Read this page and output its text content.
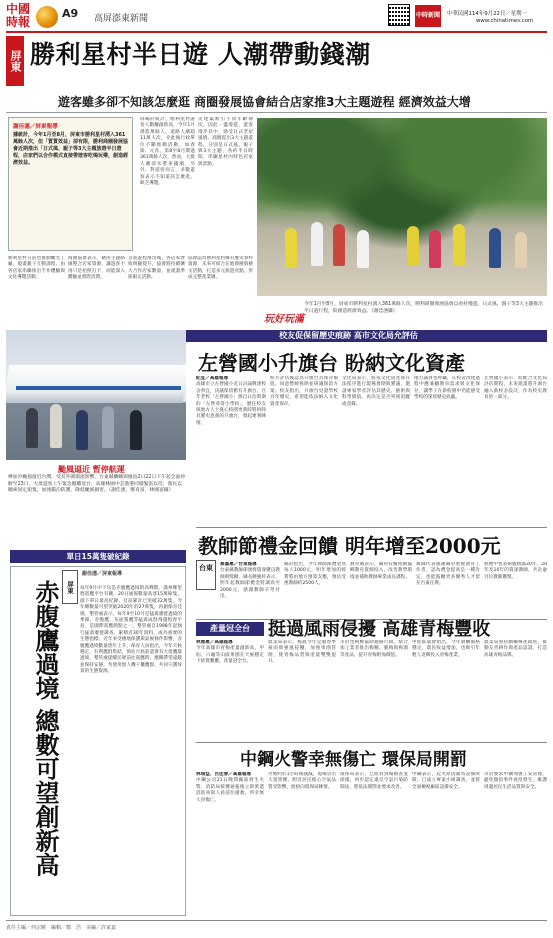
中國
時報
A9 高屏澎東新聞	中時新聞網
中華民國114年9月22日／星期一
www.chinatimes.com
屏東 勝利星村半日遊 人潮帶動錢潮
遊客雖多卻不知該怎麼逛 商圈發展協會結合店家推3大主題遊程 經濟效益大增
謝佳潓／屏東報導
據統計，今年1月至8月，屏東市勝利星村湧入361萬餘人次，但「質質效益」卻有限，勝利商圈發展協會近期推出「日式風、親子等3大主題旅遊半日遊程，店家們以合作模式直接帶遊客吃喝玩樂，創造經濟效益。
屏縣府統計，勝利星村游客人數屢創新高，今年1月湧進萬餘人，道路人潮超11萬人次，介此後行政單位不斷推動活動，如春節、元宵、第8至8月期過361萬餘人次，然而，大批人潮卻未帶來錢潮，另外，對遊客而言，多數遊客表示不知道該怎麼逛，缺乏導覽。
史建築吸引不同年齡層次，因此一盪漫遊，遊客漫步其中，感受日式老屋風情。商圈提出3大主題遊程，分別是日式風、親子與3大主題，各約半日時間，串聯星村內特色店家與景點。
勝利星村日前也推動觀光工廠，規畫親子互動課程，由各店家串聯推出手作體驗與文化導覽活動。
商圈協會表示，藉由主題路線整合店家資源，讓遊客不再只是拍照打卡，而能深入體驗並實際消費。
首波遊程推出後，各店家營收明顯提升，協會將持續擴大合作店家數量，並規畫季節限定活動。
協會認為勝利星村擁有歷史眷村資源，未來可結合在地節慶與藝文活動，打造多元旅遊亮點，形成完整產業鏈。
玩好玩滿
今年1月至8月，屏東市勝利星村湧入361萬餘人次，勝利商圈發展協會以看村慢遊、日式風、親子等3大主題推出半日遊行程，盼創造經濟效益。（謝佳潓攝）
校友促保留歷史痕跡 高市文化局允評估
颱風逼近 暫停航運
樺加沙颱風接近台灣，受其外圍環流影響，台東縣蘭嶼與綠島2日22日下午起全面停駛至23日，大批遊客上午緊急撤離返台，高雄林園中芸漁港同樣緊張以待，漁民以繩索固定船隻，加強錨泊防護，降低颱風損害。（謝佳潓、鄭育富、林國富攝）
左營國小升旗台 盼納文化資產
紀宣／高雄報導
高雄市立左營國小近日討論興建校舍事宜，決議保留舊有升旗台，百年老校「左營國小」源自日治時期的「左營尋常小學校」，歷任校友與地方人士憂心校園更新時將拆除具歷史意義的升旗台，發起連署陳情。
校方評估後認為升旗台具保存價值，同意暫緩拆除並研議保留方案。校友指出，升旗台見證學校百年歷史，希望能依法納入文化資產保存。
文化局表示，將依文化資產保存法程序進行現場會勘與審議，邀請專家學者評估其歷史、藝術與科學價值，再決定是否列冊追蹤或登錄。
地方議員也呼籲，在校舍改建過程中應兼顧教育需求與文化保存，讓學子在新校園中仍能感受學校的深厚歷史底蘊。
左營國小表示，將配合文化局評估期程，未來規畫將升旗台融入新校舍設計，作為校史教育的一部分。
教師節禮金回饋 明年增至2000元
台東	蔡嘉惠／台東報導
台東縣教師節頒發資深優良教師與獎勵，縣長饒慶鈴表示，明年起教師節禮金將調高至2000元，感謝教師辛勞付出。
縣府指出，今年教師節禮金為每人1000元，明年增加的經費將由地方預算支應，預估受惠教師約2500人。
教育處表示，縣府持續推動偏鄉教育資源投入，改善教學環境並補助教師專業成長課程。
教師代表感謝縣府重視教育工作者，認為禮金提高是一種肯定，也能鼓勵更多優秀人才留在台東任教。
典禮中也表揚服務滿30年、20年及10年的資深教師，共計逾百位教師獲獎。
產量冠全台	挺過風雨侵擾 高雄青梅豐收
林雅惠／高雄報導
今年高雄市青梅產量創新高，甲仙、六龜等山區果園在天候穩定下結實纍纍，產量冠全台。
農業局表示，梅農今年克服春季豪雨與強風侵擾，加強果園管理，使青梅品質與產量雙雙提升。
市府也積極協助通路行銷，結合加工業者推出梅精、脆梅與梅酒等產品，提升青梅附加價值。
甲仙區農會指出，今年收購價格穩定，農民收益增加，也吸引年輕人返鄉投入青梅產業。
農業局將持續輔導產銷班，推動友善耕作與產品認證，打造高雄青梅品牌。
中鋼火警幸無傷亡 環保局開罰
林瑞益、呂佳蓉／高雄報導
中鋼公司21日晚間廠區發生火警，消防局接獲通報後立即派遣消防車與人員前往搶救，所幸無人員傷亡。
火勢約於1小時後撲滅，現場冒出大量黑煙，附近居民擔心空氣品質受影響，紛紛向環保局陳情。
環保局表示，已派員到場稽查並採樣，初步認定違反空氣污染防制法，將依法開罰並要求改善。
中鋼表示，起火原因疑為設備故障，已成立專案小組調查，並將全面檢視廠區設備安全。
市府要求中鋼加強工安管理，避免類似事件再度發生，維護周邊居民生活品質與安全。
單日15萬隻破紀錄
赤腹鷹過境 總數可望創新高 屏東
謝佳潓／屏東報導
每年9月中下旬是赤腹鷹過境的高峰期，滿州鄉里德賞鷹平台有關，20日通報數量高達15萬餘隻，創下單日最高紀錄，目前累計已突破32萬隻，今年總數量可望突破2020年的27萬隻，再創保育佳績。墾管處表示，每年9至10月是猛禽遷徙過境的季節，赤腹鷹、灰面鵟鷹等猛禽成群飛越恆春半島，是國際賞鷹熱點之一。墾管處自1998年起執行猛禽遷徙調查，累積近30年資料，成為重要的生態指標。近年來受棲地保護與氣候條件影響，赤腹鷹過境數量逐年上升，保育人員指出，今年天候穩定，有利鷹群集結，預估月底前還會有大批鷹群過境。墾管處提醒民眾前往賞鷹時，應攜帶望遠鏡並保持安靜，勿使用無人機干擾鷹群，共同守護珍貴的生態資源。
責任主編／何宗曉　編輯／鄭　浩　美編／許家嘉
